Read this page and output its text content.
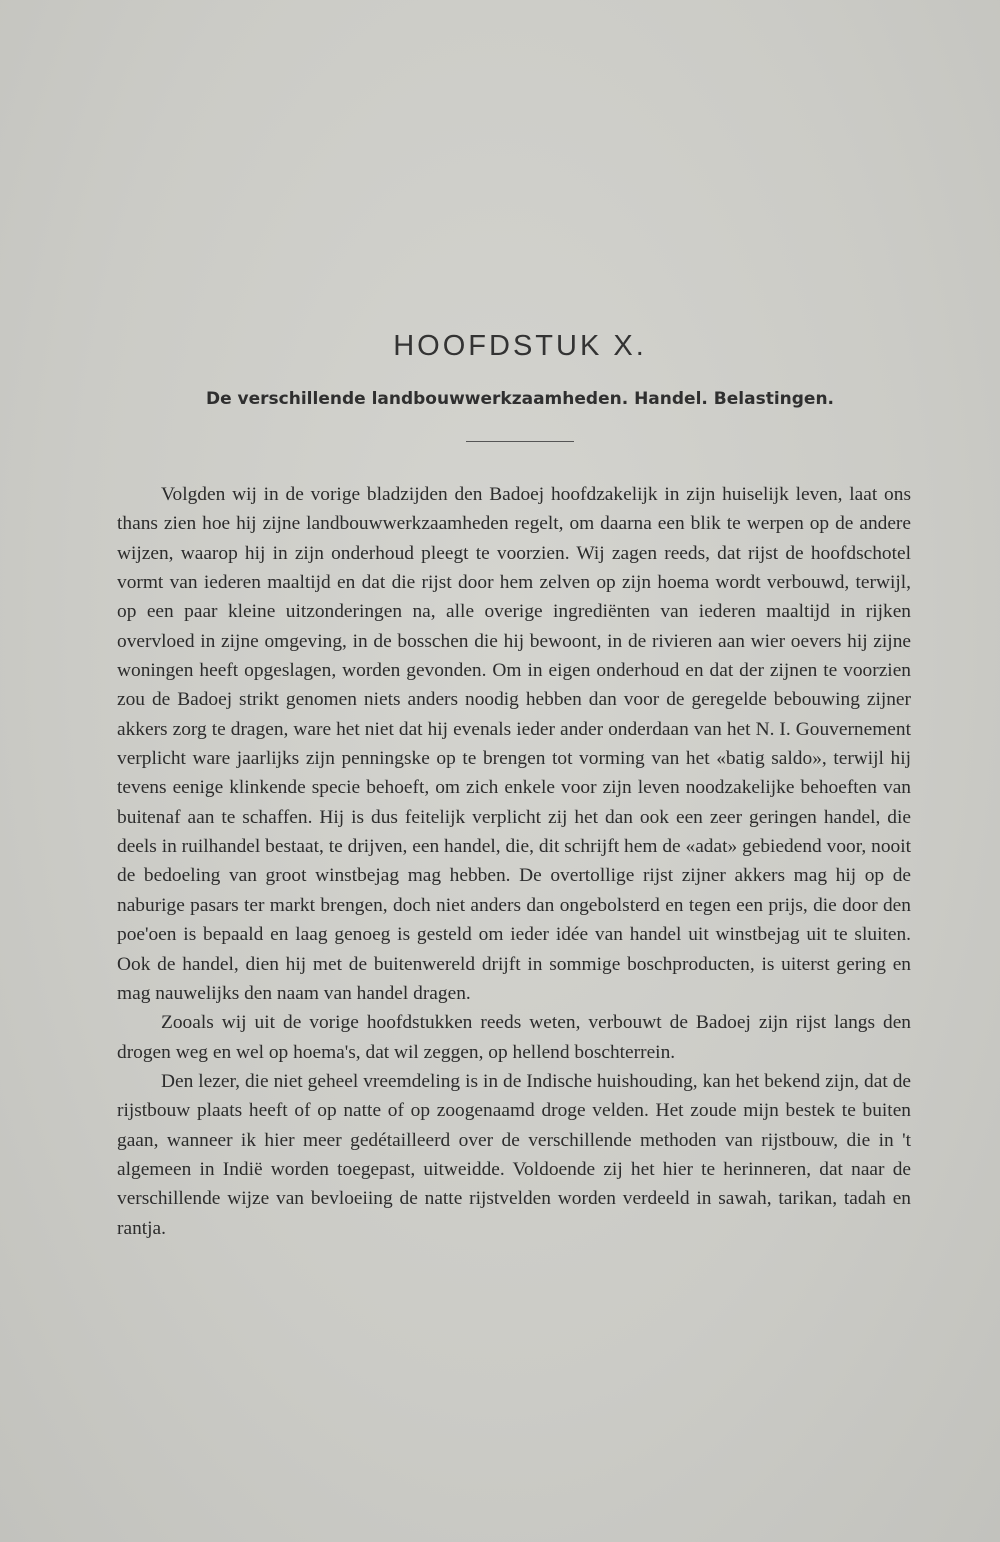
HOOFDSTUK X.
De verschillende landbouwwerkzaamheden. Handel. Belastingen.

Volgden wij in de vorige bladzijden den Badoej hoofdzakelijk in zijn huiselijk leven, laat ons thans zien hoe hij zijne landbouwwerkzaamheden regelt, om daarna een blik te werpen op de andere wijzen, waarop hij in zijn onderhoud pleegt te voorzien. Wij zagen reeds, dat rijst de hoofdschotel vormt van iederen maaltijd en dat die rijst door hem zelven op zijn hoema wordt verbouwd, terwijl, op een paar kleine uitzonderingen na, alle overige ingrediënten van iederen maaltijd in rijken overvloed in zijne omgeving, in de bosschen die hij bewoont, in de rivieren aan wier oevers hij zijne woningen heeft opgeslagen, worden gevonden. Om in eigen onderhoud en dat der zijnen te voorzien zou de Badoej strikt genomen niets anders noodig hebben dan voor de geregelde bebouwing zijner akkers zorg te dragen, ware het niet dat hij evenals ieder ander onderdaan van het N. I. Gouvernement verplicht ware jaarlijks zijn penningske op te brengen tot vorming van het «batig saldo», terwijl hij tevens eenige klinkende specie behoeft, om zich enkele voor zijn leven noodzakelijke behoeften van buitenaf aan te schaffen. Hij is dus feitelijk verplicht zij het dan ook een zeer geringen handel, die deels in ruilhandel bestaat, te drijven, een handel, die, dit schrijft hem de «adat» gebiedend voor, nooit de bedoeling van groot winstbejag mag hebben. De overtollige rijst zijner akkers mag hij op de naburige pasars ter markt brengen, doch niet anders dan ongebolsterd en tegen een prijs, die door den poe'oen is bepaald en laag genoeg is gesteld om ieder idée van handel uit winstbejag uit te sluiten. Ook de handel, dien hij met de buitenwereld drijft in sommige boschproducten, is uiterst gering en mag nauwelijks den naam van handel dragen.

Zooals wij uit de vorige hoofdstukken reeds weten, verbouwt de Badoej zijn rijst langs den drogen weg en wel op hoema's, dat wil zeggen, op hellend boschterrein.

Den lezer, die niet geheel vreemdeling is in de Indische huishouding, kan het bekend zijn, dat de rijstbouw plaats heeft of op natte of op zoogenaamd droge velden. Het zoude mijn bestek te buiten gaan, wanneer ik hier meer gedétailleerd over de verschillende methoden van rijstbouw, die in 't algemeen in Indië worden toegepast, uitweidde. Voldoende zij het hier te herinneren, dat naar de verschillende wijze van bevloeiing de natte rijstvelden worden verdeeld in sawah, tarikan, tadah en rantja.
